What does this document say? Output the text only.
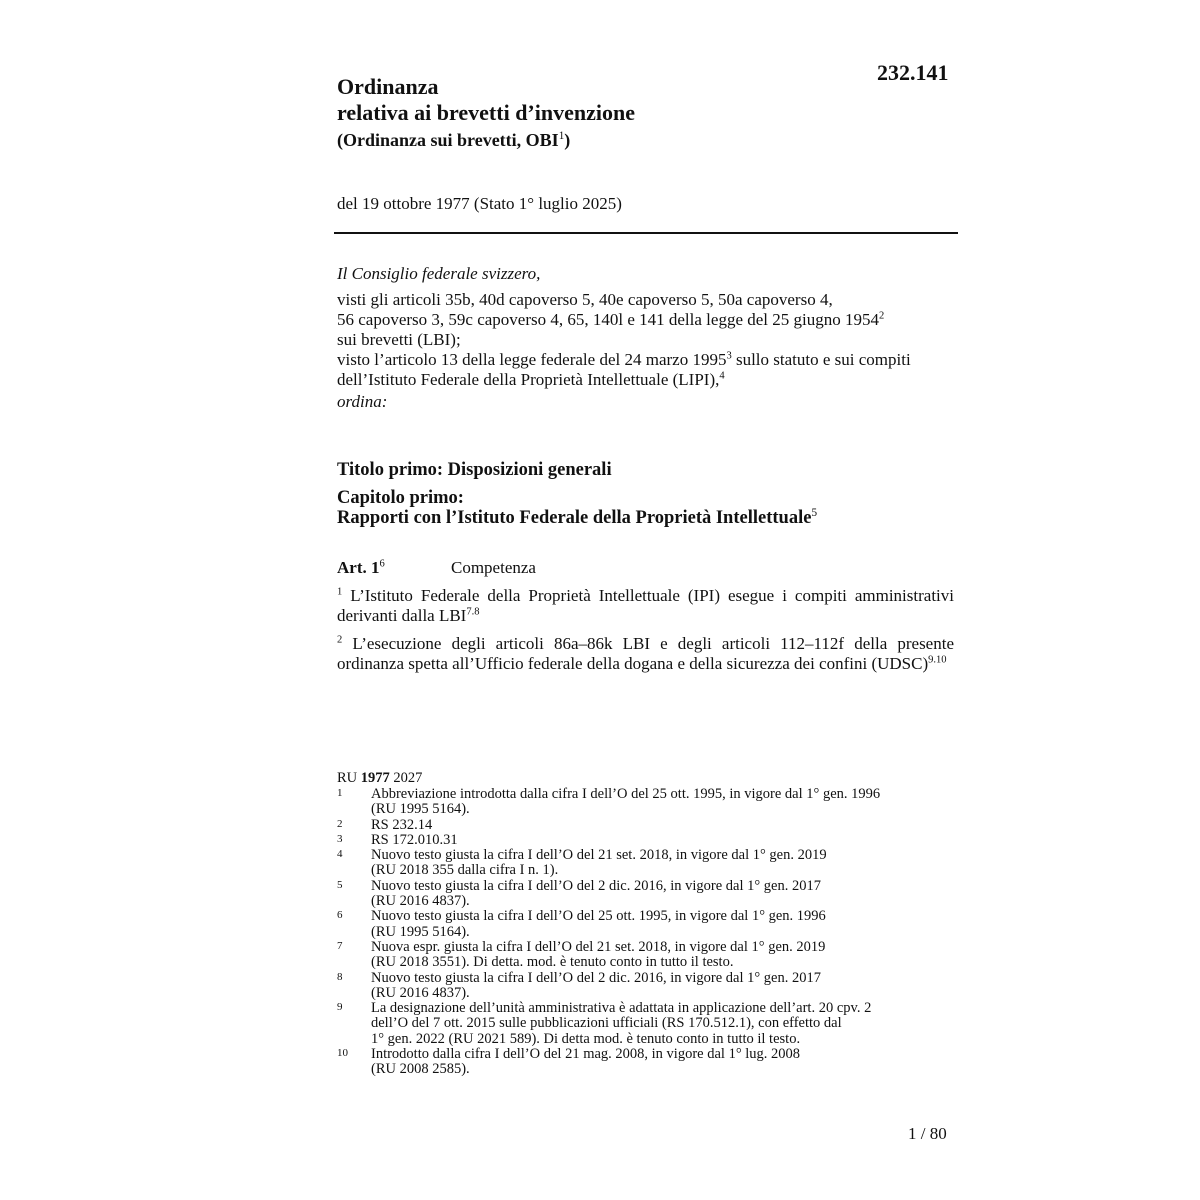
232.141
Ordinanza
relativa ai brevetti d’invenzione
(Ordinanza sui brevetti, OBI$^1$)
del 19 ottobre 1977 (Stato 1° luglio 2025)
Il Consiglio federale svizzero,
visti gli articoli 35b, 40d capoverso 5, 40e capoverso 5, 50a capoverso 4,
56 capoverso 3, 59c capoverso 4, 65, 140l e 141 della legge del 25 giugno 1954$^2$
sui brevetti (LBI);
visto l’articolo 13 della legge federale del 24 marzo 1995$^3$ sullo statuto e sui compiti
dell’Istituto Federale della Proprietà Intellettuale (LIPI),$^4$
ordina:
Titolo primo: Disposizioni generali
Capitolo primo:
Rapporti con l’Istituto Federale della Proprietà Intellettuale$^5$
Art. $1^6$	Competenza
$^1$ L’Istituto Federale della Proprietà Intellettuale (IPI) esegue i compiti amministrativi derivanti dalla $LBI^{7.8}$
$^2$ L’esecuzione degli articoli 86a–86k LBI e degli articoli 112–112f della presente ordinanza spetta all’Ufficio federale della dogana e della sicurezza dei confini (UDSC)$^{9.10}$
RU 1977 2027
1 Abbreviazione introdotta dalla cifra I dell’O del 25 ott. 1995, in vigore dal 1° gen. 1996
(RU 1995 5164).
2 RS 232.14
3 RS 172.010.31
4 Nuovo testo giusta la cifra I dell’O del 21 set. 2018, in vigore dal 1° gen. 2019
(RU 2018 355 dalla cifra I n. 1).
5 Nuovo testo giusta la cifra I dell’O del 2 dic. 2016, in vigore dal 1° gen. 2017
(RU 2016 4837).
6 Nuovo testo giusta la cifra I dell’O del 25 ott. 1995, in vigore dal 1° gen. 1996
(RU 1995 5164).
7 Nuova espr. giusta la cifra I dell’O del 21 set. 2018, in vigore dal 1° gen. 2019
(RU 2018 3551). Di detta. mod. è tenuto conto in tutto il testo.
8 Nuovo testo giusta la cifra I dell’O del 2 dic. 2016, in vigore dal 1° gen. 2017
(RU 2016 4837).
9 La designazione dell’unità amministrativa è adattata in applicazione dell’art. 20 cpv. 2
dell’O del 7 ott. 2015 sulle pubblicazioni ufficiali (RS 170.512.1), con effetto dal
1° gen. 2022 (RU 2021 589). Di detta mod. è tenuto conto in tutto il testo.
10 Introdotto dalla cifra I dell’O del 21 mag. 2008, in vigore dal 1° lug. 2008
(RU 2008 2585).
1 / 80
